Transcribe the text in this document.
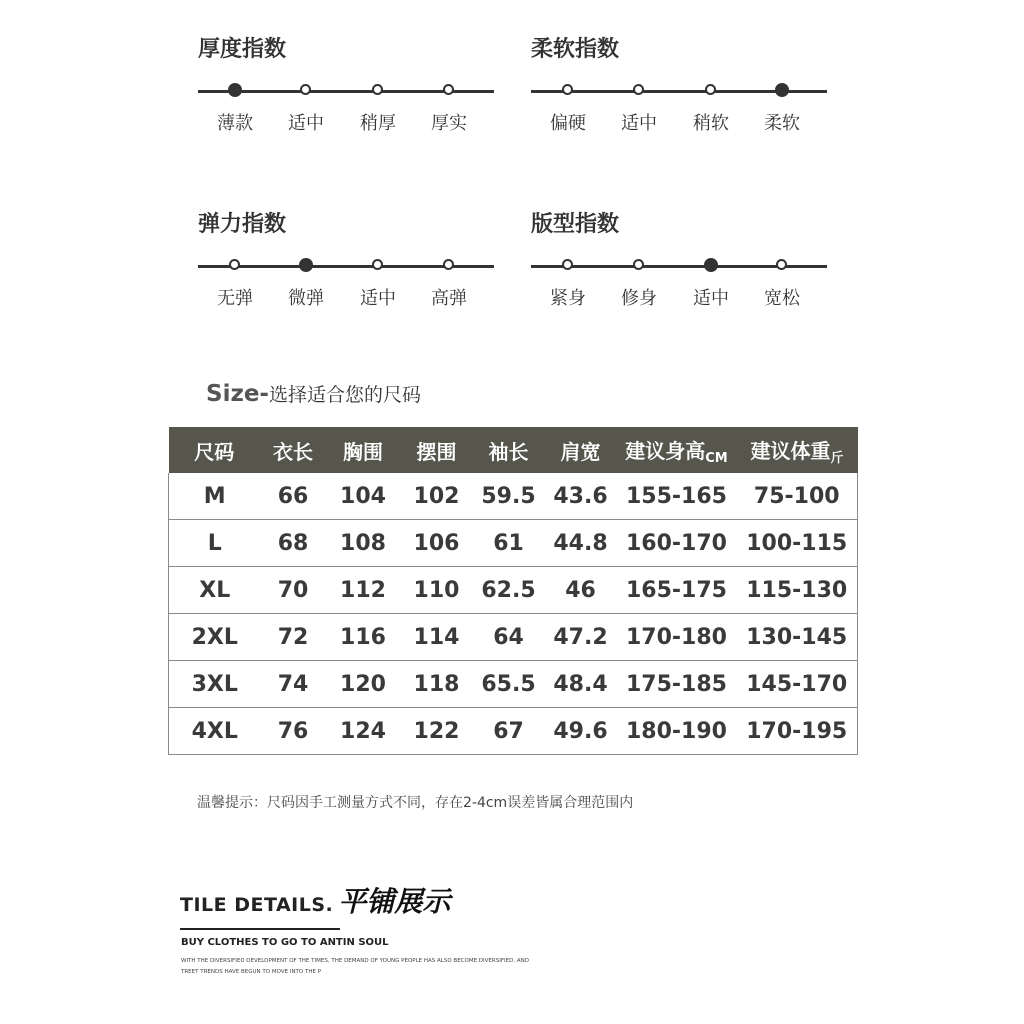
厚度指数
薄款 适中 稍厚 厚实
柔软指数
偏硬 适中 稍软 柔软
弹力指数
无弹 微弹 适中 高弹
版型指数
紧身 修身 适中 宽松
Size-选择适合您的尺码
尺码	衣长	胸围	摆围	袖长	肩宽	建议身高$_{CM}$	建议体重$_斤$
M	66	104	102	59.5	43.6	155-165	75-100
L	68	108	106	61	44.8	160-170	100-115
XL	70	112	110	62.5	46	165-175	115-130
2XL	72	116	114	64	47.2	170-180	130-145
3XL	74	120	118	65.5	48.4	175-185	145-170
4XL	76	124	122	67	49.6	180-190	170-195
温馨提示：尺码因手工测量方式不同，存在2-4cm误差皆属合理范围内
TILE DETAILS. 平铺展示
BUY CLOTHES TO GO TO ANTIN SOUL
WITH THE DIVERSIFIED DEVELOPMENT OF THE TIMES, THE DEMAND OF YOUNG PEOPLE HAS ALSO BECOME DIVERSIFIED, AND
TREET TRENDS HAVE BEGUN TO MOVE INTO THE P
